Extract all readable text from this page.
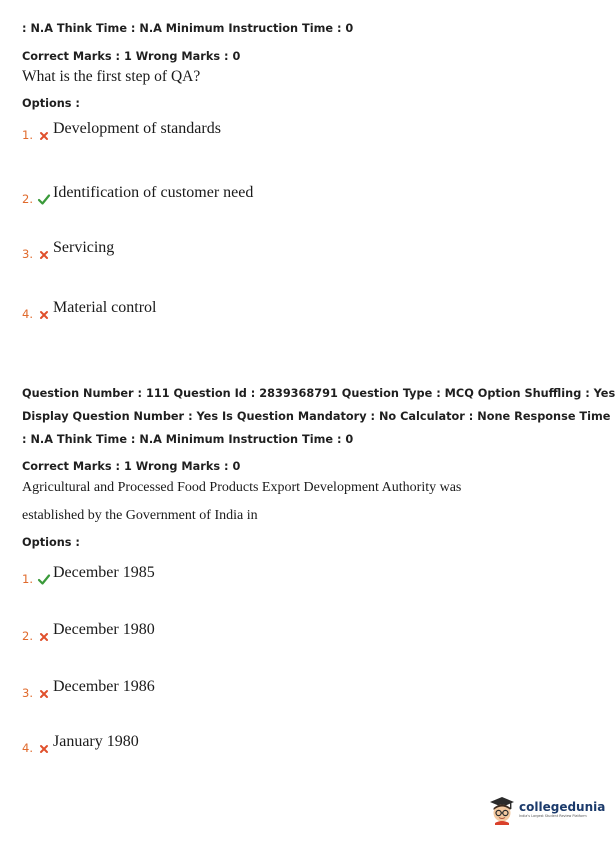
: N.A Think Time : N.A Minimum Instruction Time : 0
Correct Marks : 1 Wrong Marks : 0
What is the first step of QA?
Options :
1. Development of standards
2. Identification of customer need
3. Servicing
4. Material control
Question Number : 111 Question Id : 2839368791 Question Type : MCQ Option Shuffling : Yes
Display Question Number : Yes Is Question Mandatory : No Calculator : None Response Time
: N.A Think Time : N.A Minimum Instruction Time : 0
Correct Marks : 1 Wrong Marks : 0
Agricultural and Processed Food Products Export Development Authority was
established by the Government of India in
Options :
1. December 1985
2. December 1980
3. December 1986
4. January 1980
collegedunia
India's Largest Student Review Platform
